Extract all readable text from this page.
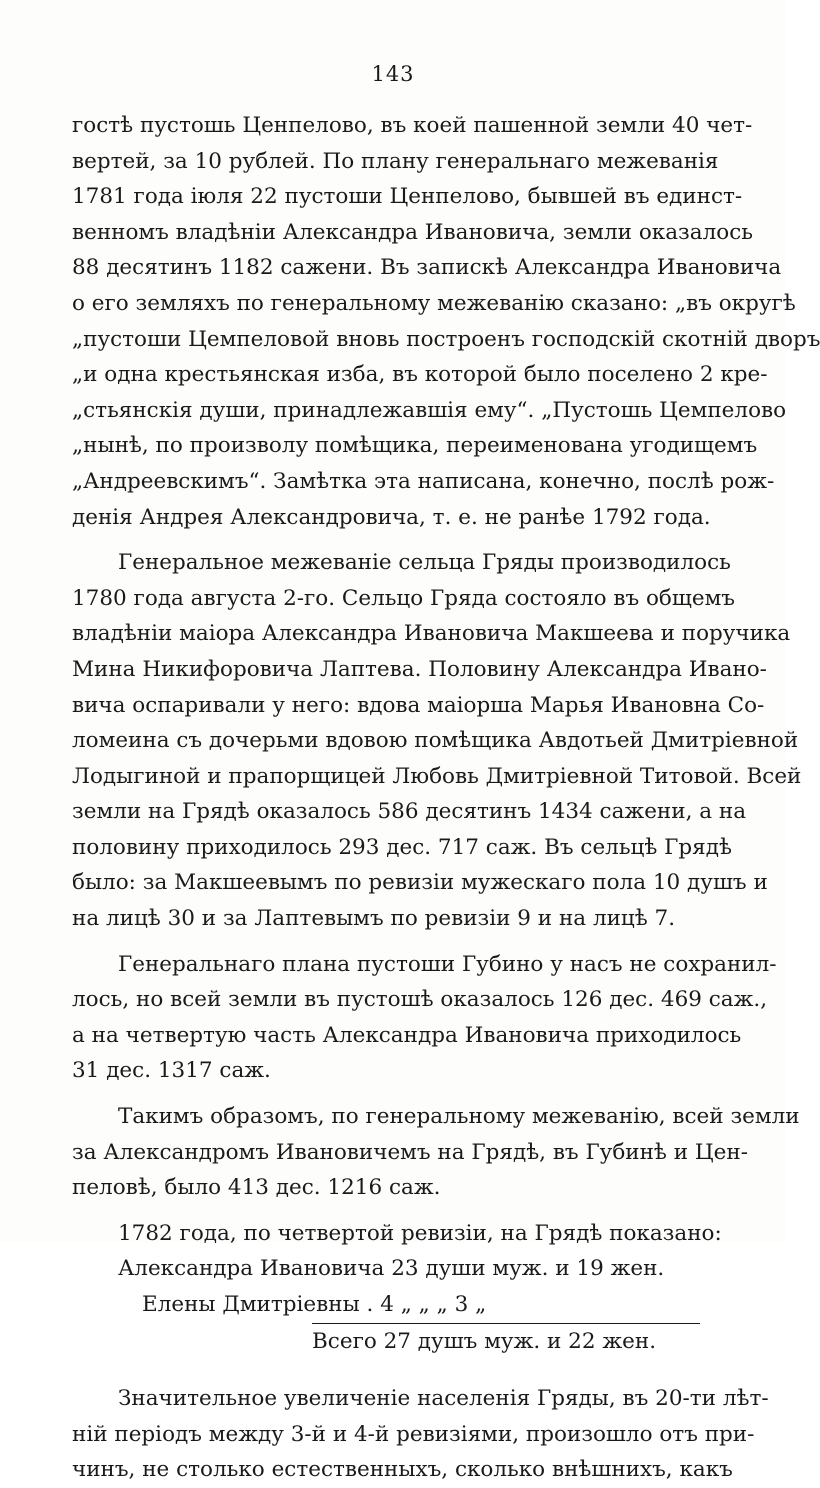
143
гостѣ пустошь Ценпелово, въ коей пашенной земли 40 чет-
вертей, за 10 рублей. По плану генеральнаго межеванія
1781 года іюля 22 пустоши Ценпелово, бывшей въ единст-
венномъ владѣніи Александра Ивановича, земли оказалось
88 десятинъ 1182 сажени. Въ запискѣ Александра Ивановича
о его земляхъ по генеральному межеванію сказано: „въ округѣ
„пустоши Цемпеловой вновь построенъ господскій скотній дворъ
„и одна крестьянская изба, въ которой было поселено 2 кре-
„стьянскія души, принадлежавшія ему“. „Пустошь Цемпелово
„нынѣ, по произволу помѣщика, переименована угодищемъ
„Андреевскимъ“. Замѣтка эта написана, конечно, послѣ рож-
денія Андрея Александровича, т. е. не ранѣе 1792 года.
Генеральное межеваніе сельца Гряды производилось
1780 года августа 2-го. Сельцо Гряда состояло въ общемъ
владѣніи маіора Александра Ивановича Макшеева и поручика
Мина Никифоровича Лаптева. Половину Александра Ивано-
вича оспаривали у него: вдова маіорша Марья Ивановна Со-
ломеина съ дочерьми вдовою помѣщика Авдотьей Дмитріевной
Лодыгиной и прапорщицей Любовь Дмитріевной Титовой. Всей
земли на Грядѣ оказалось 586 десятинъ 1434 сажени, а на
половину приходилось 293 дес. 717 саж. Въ сельцѣ Грядѣ
было: за Макшеевымъ по ревизіи мужескаго пола 10 душъ и
на лицѣ 30 и за Лаптевымъ по ревизіи 9 и на лицѣ 7.
Генеральнаго плана пустоши Губино у насъ не сохранил-
лось, но всей земли въ пустошѣ оказалось 126 дес. 469 саж.,
а на четвертую часть Александра Ивановича приходилось
31 дес. 1317 саж.
Такимъ образомъ, по генеральному межеванію, всей земли
за Александромъ Ивановичемъ на Грядѣ, въ Губинѣ и Цен-
пеловѣ, было 413 дес. 1216 саж.
1782 года, по четвертой ревизіи, на Грядѣ показано:
Александра Ивановича 23 души муж. и 19 жен.
Елены Дмитріевны . 4 „ „ „ 3 „
Всего 27 душъ муж. и 22 жен.
Значительное увеличеніе населенія Гряды, въ 20-ти лѣт-
ній періодъ между 3-й и 4-й ревизіями, произошло отъ при-
чинъ, не столько естественныхъ, сколько внѣшнихъ, какъ
